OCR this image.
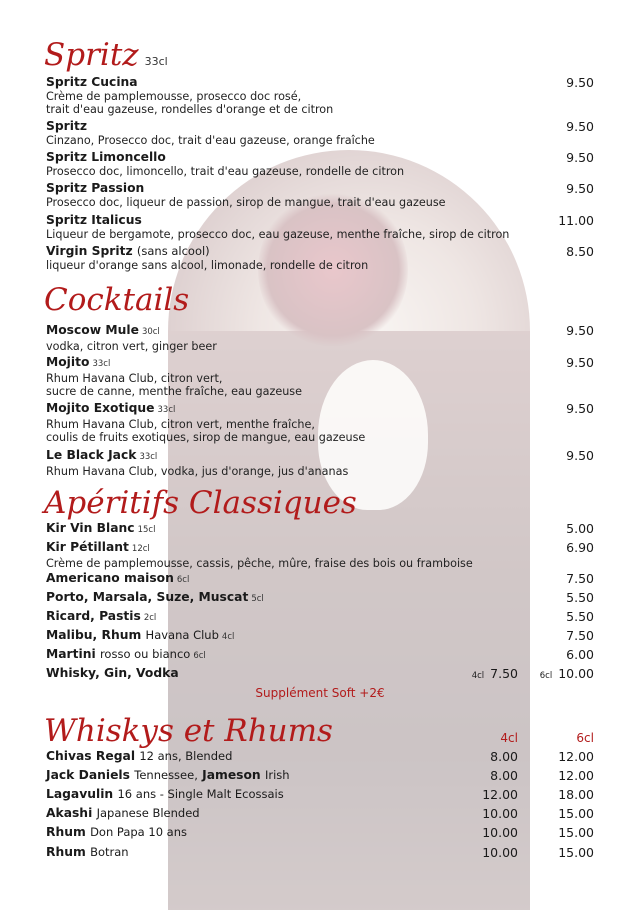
Spritz 33cl
Spritz Cucina
Crème de pamplemousse, prosecco doc rosé,
trait d'eau gazeuse, rondelles d'orange et de citron
9.50
Spritz
Cinzano, Prosecco doc, trait d'eau gazeuse, orange fraîche
9.50
Spritz Limoncello
Prosecco doc, limoncello, trait d'eau gazeuse, rondelle de citron
9.50
Spritz Passion
Prosecco doc, liqueur de passion, sirop de mangue, trait d'eau gazeuse
9.50
Spritz Italicus
Liqueur de bergamote, prosecco doc, eau gazeuse, menthe fraîche, sirop de citron
11.00
Virgin Spritz (sans alcool)
liqueur d'orange sans alcool, limonade, rondelle de citron
8.50
Cocktails
Moscow Mule 30cl
vodka, citron vert, ginger beer
9.50
Mojito 33cl
Rhum Havana Club, citron vert,
sucre de canne, menthe fraîche, eau gazeuse
9.50
Mojito Exotique 33cl
Rhum Havana Club, citron vert, menthe fraîche,
coulis de fruits exotiques, sirop de mangue, eau gazeuse
9.50
Le Black Jack 33cl
Rhum Havana Club, vodka, jus d'orange, jus d'ananas
9.50
Apéritifs Classiques
Kir Vin Blanc 15cl	5.00
Kir Pétillant 12cl
Crème de pamplemousse, cassis, pêche, mûre, fraise des bois ou framboise
6.90
Americano maison 6cl	7.50
Porto, Marsala, Suze, Muscat 5cl	5.50
Ricard, Pastis 2cl	5.50
Malibu, Rhum Havana Club 4cl	7.50
Martini rosso ou bianco 6cl	6.00
Whisky, Gin, Vodka	4cl 7.50	6cl 10.00
Supplément Soft +2€
Whiskys et Rhums	4cl	6cl
Chivas Regal 12 ans, Blended	8.00	12.00
Jack Daniels Tennessee, Jameson Irish	8.00	12.00
Lagavulin 16 ans - Single Malt Ecossais	12.00	18.00
Akashi Japanese Blended	10.00	15.00
Rhum Don Papa 10 ans	10.00	15.00
Rhum Botran	10.00	15.00
